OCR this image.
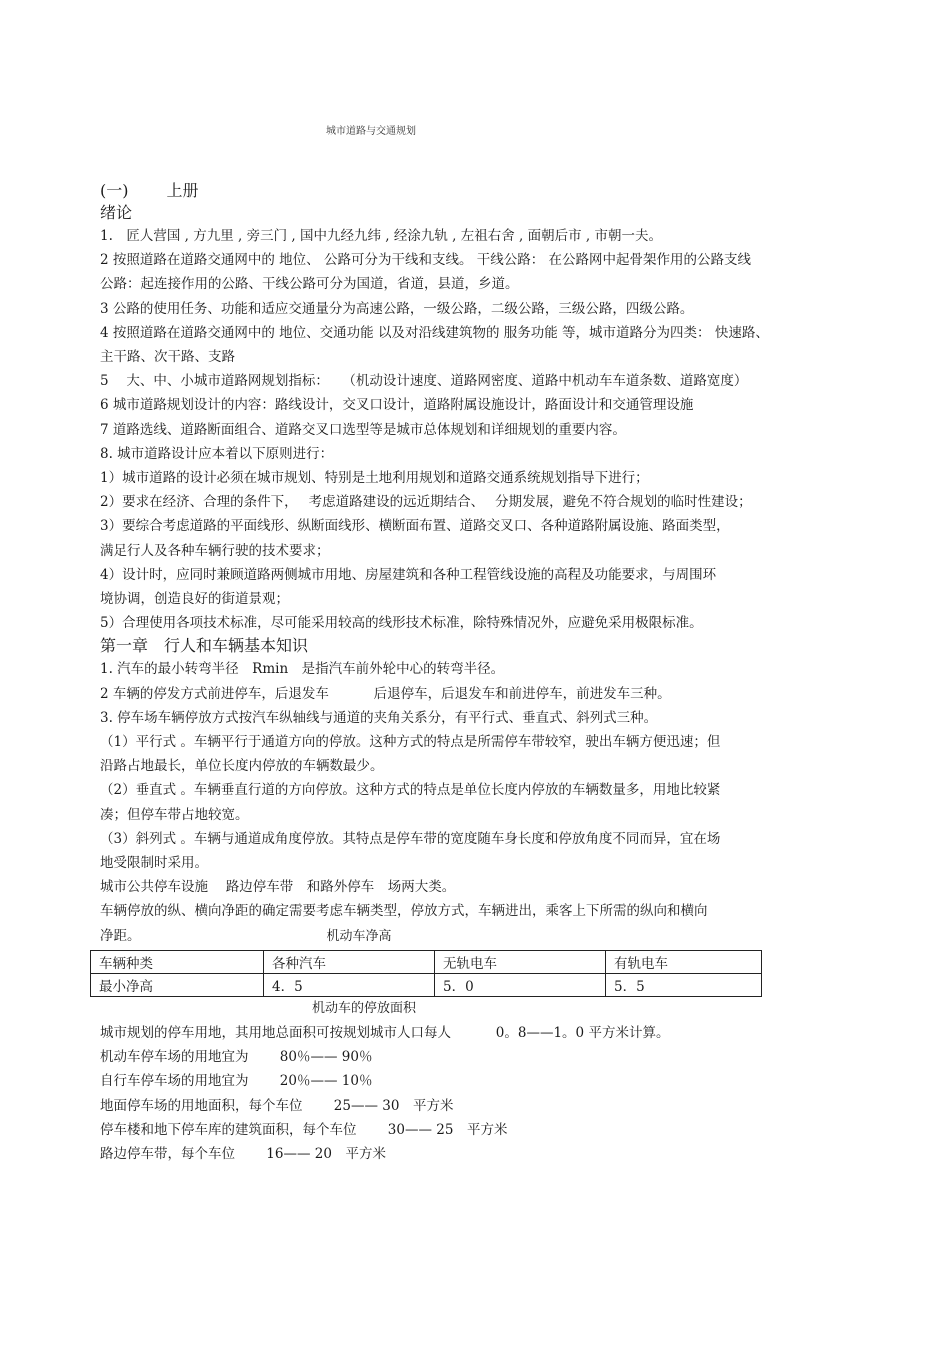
城市道路与交通规划
(一) 上册
绪论
1.　匠人营国 , 方九里 , 旁三门 , 国中九经九纬 , 经涂九轨 , 左祖右舍 , 面朝后市 , 市朝一夫。
2 按照道路在道路交通网中的 地位、 公路可分为干线和支线。 干线公路： 在公路网中起骨架作用的公路支线
公路：起连接作用的公路、干线公路可分为国道，省道，县道，乡道。
3 公路的使用任务、功能和适应交通量分为高速公路，一级公路，二级公路，三级公路，四级公路。
4 按照道路在道路交通网中的 地位、交通功能 以及对沿线建筑物的 服务功能 等，城市道路分为四类： 快速路、
主干路、次干路、支路
5　 大、中、小城市道路网规划指标：　　（机动设计速度、道路网密度、道路中机动车车道条数、道路宽度）
6 城市道路规划设计的内容：路线设计，交叉口设计，道路附属设施设计，路面设计和交通管理设施
7 道路选线、道路断面组合、道路交叉口选型等是城市总体规划和详细规划的重要内容。
8. 城市道路设计应本着以下原则进行：
1）城市道路的设计必须在城市规划、特别是土地利用规划和道路交通系统规划指导下进行；
2）要求在经济、合理的条件下，　 考虑道路建设的远近期结合、　 分期发展，避免不符合规划的临时性建设；
3）要综合考虑道路的平面线形、纵断面线形、横断面布置、道路交叉口、各种道路附属设施、路面类型，
满足行人及各种车辆行驶的技术要求；
4）设计时，应同时兼顾道路两侧城市用地、房屋建筑和各种工程管线设施的高程及功能要求，与周围环
境协调，创造良好的街道景观；
5）合理使用各项技术标准，尽可能采用较高的线形技术标准，除特殊情况外，应避免采用极限标准。
第一章　行人和车辆基本知识
1. 汽车的最小转弯半径　Rmin　是指汽车前外轮中心的转弯半径。
2 车辆的停发方式前进停车，后退发车　　　 后退停车，后退发车和前进停车，前进发车三种。
3. 停车场车辆停放方式按汽车纵轴线与通道的夹角关系分，有平行式、垂直式、斜列式三种。
（1）平行式 。车辆平行于通道方向的停放。这种方式的特点是所需停车带较窄，驶出车辆方便迅速；但
沿路占地最长，单位长度内停放的车辆数最少。
（2）垂直式 。车辆垂直行道的方向停放。这种方式的特点是单位长度内停放的车辆数量多，用地比较紧
凑；但停车带占地较宽。
（3）斜列式 。车辆与通道成角度停放。其特点是停车带的宽度随车身长度和停放角度不同而异，宜在场
地受限制时采用。
城市公共停车设施　 路边停车带　和路外停车　场两大类。
车辆停放的纵、横向净距的确定需要考虑车辆类型，停放方式，车辆进出，乘客上下所需的纵向和横向
净距。	机动车净高
车辆种类	各种汽车	无轨电车	有轨电车
最小净高	4．5	5．0	5．5
机动车的停放面积
城市规划的停车用地，其用地总面积可按规划城市人口每人　　　 0。8——1。0 平方米计算。
机动车停车场的用地宜为　　 80％—— 90％
自行车停车场的用地宜为　　 20％—— 10％
地面停车场的用地面积，每个车位　　 25—— 30　平方米
停车楼和地下停车库的建筑面积，每个车位　　 30—— 25　平方米
路边停车带，每个车位　　 16—— 20　平方米
